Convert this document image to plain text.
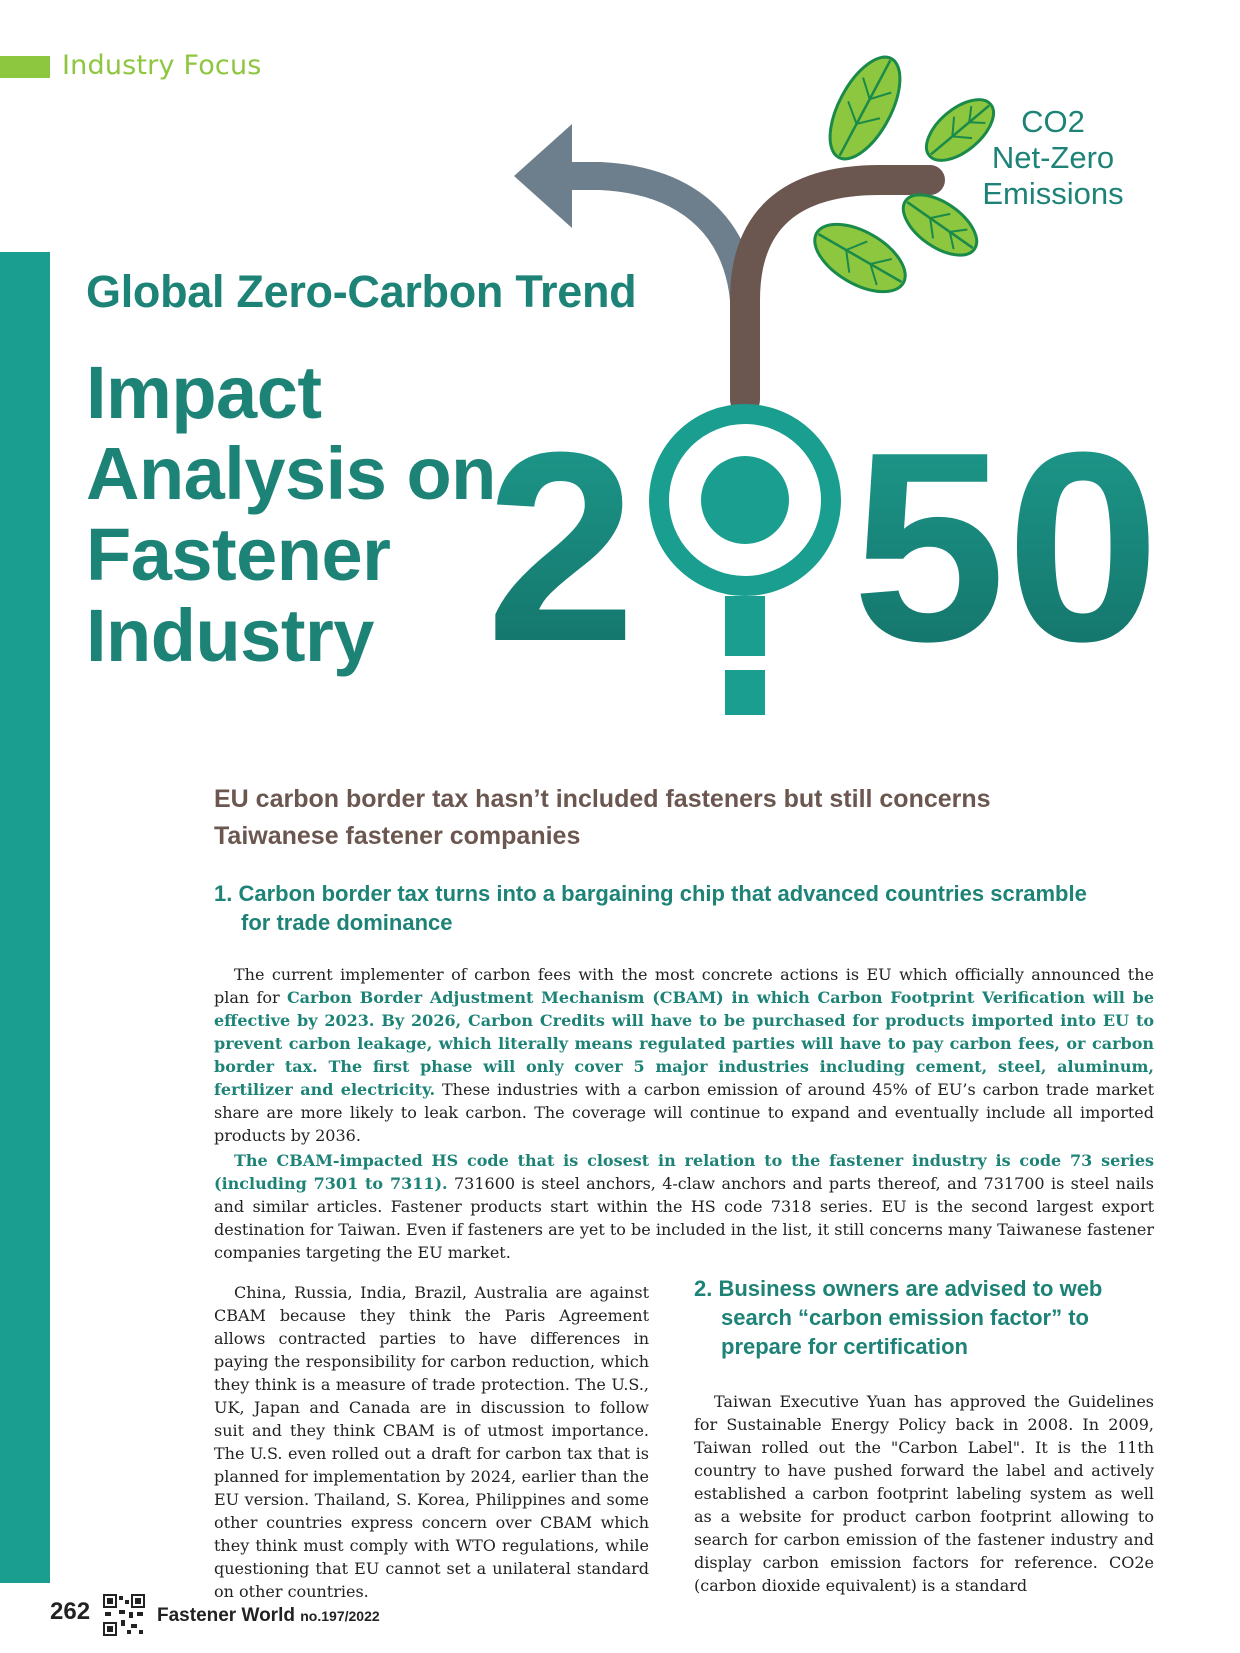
Industry Focus
2 50
CO2
Net-Zero
Emissions
Global Zero-Carbon Trend
Impact
Analysis on
Fastener
Industry
EU carbon border tax hasn’t included fasteners but still concerns
Taiwanese fastener companies
1. Carbon border tax turns into a bargaining chip that advanced countries scramble
for trade dominance
The current implementer of carbon fees with the most concrete actions is EU which officially announced the plan for Carbon Border Adjustment Mechanism (CBAM) in which Carbon Footprint Verification will be effective by 2023. By 2026, Carbon Credits will have to be purchased for products imported into EU to prevent carbon leakage, which literally means regulated parties will have to pay carbon fees, or carbon border tax. The first phase will only cover 5 major industries including cement, steel, aluminum, fertilizer and electricity. These industries with a carbon emission of around 45% of EU’s carbon trade market share are more likely to leak carbon. The coverage will continue to expand and eventually include all imported products by 2036.
The CBAM-impacted HS code that is closest in relation to the fastener industry is code 73 series (including 7301 to 7311). 731600 is steel anchors, 4-claw anchors and parts thereof, and 731700 is steel nails and similar articles. Fastener products start within the HS code 7318 series. EU is the second largest export destination for Taiwan. Even if fasteners are yet to be included in the list, it still concerns many Taiwanese fastener companies targeting the EU market.
China, Russia, India, Brazil, Australia are against CBAM because they think the Paris Agreement allows contracted parties to have differences in paying the responsibility for carbon reduction, which they think is a measure of trade protection. The U.S., UK, Japan and Canada are in discussion to follow suit and they think CBAM is of utmost importance. The U.S. even rolled out a draft for carbon tax that is planned for implementation by 2024, earlier than the EU version. Thailand, S. Korea, Philippines and some other countries express concern over CBAM which they think must comply with WTO regulations, while questioning that EU cannot set a unilateral standard on other countries.
2. Business owners are advised to web
search “carbon emission factor” to
prepare for certification
Taiwan Executive Yuan has approved the Guidelines for Sustainable Energy Policy back in 2008. In 2009, Taiwan rolled out the "Carbon Label". It is the 11th country to have pushed forward the label and actively established a carbon footprint labeling system as well as a website for product carbon footprint allowing to search for carbon emission of the fastener industry and display carbon emission factors for reference. CO2e (carbon dioxide equivalent) is a standard
262	Fastener World no.197/2022
